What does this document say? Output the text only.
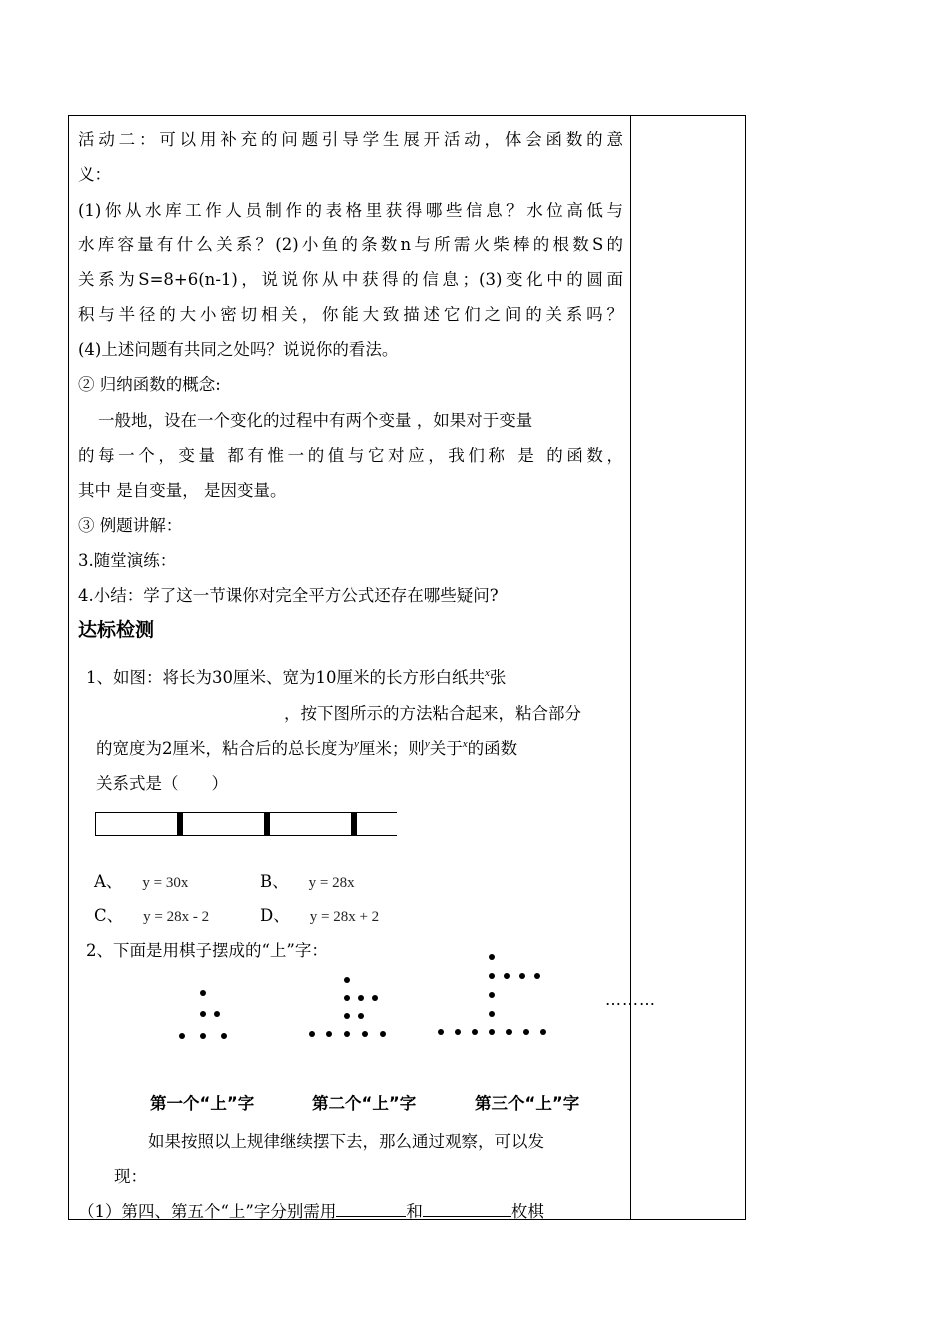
活动二：可以用补充的问题引导学生展开活动，体会函数的意
义：
(1)你从水库工作人员制作的表格里获得哪些信息？水位高低与
水库容量有什么关系？(2)小鱼的条数n与所需火柴棒的根数S的
关系为S=8+6(n-1)，说说你从中获得的信息；(3)变化中的圆面
积与半径的大小密切相关，你能大致描述它们之间的关系吗？
(4)上述问题有共同之处吗？说说你的看法。
② 归纳函数的概念:
一般地，设在一个变化的过程中有两个变量 ，如果对于变量
的每一个，变量 都有惟一的值与它对应，我们称 是 的函数，
其中 是自变量， 是因变量。
③ 例题讲解：
3.随堂演练：
4.小结：学了这一节课你对完全平方公式还存在哪些疑问?
达标检测
1、如图：将长为30厘米、宽为10厘米的长方形白纸共$^x$张
，按下图所示的方法粘合起来，粘合部分
的宽度为2厘米，粘合后的总长度为$^y$厘米；则$^y$关于$^x$的函数
关系式是（　　）
A、 y = 30x	B、 y = 28x
C、 y = 28x - 2	D、 y = 28x + 2
2、下面是用棋子摆成的“上”字：
第一个“上”字	第二个“上”字	第三个“上”字
如果按照以上规律继续摆下去，那么通过观察，可以发
现：
（1）第四、第五个“上”字分别需用	和	枚棋
………
